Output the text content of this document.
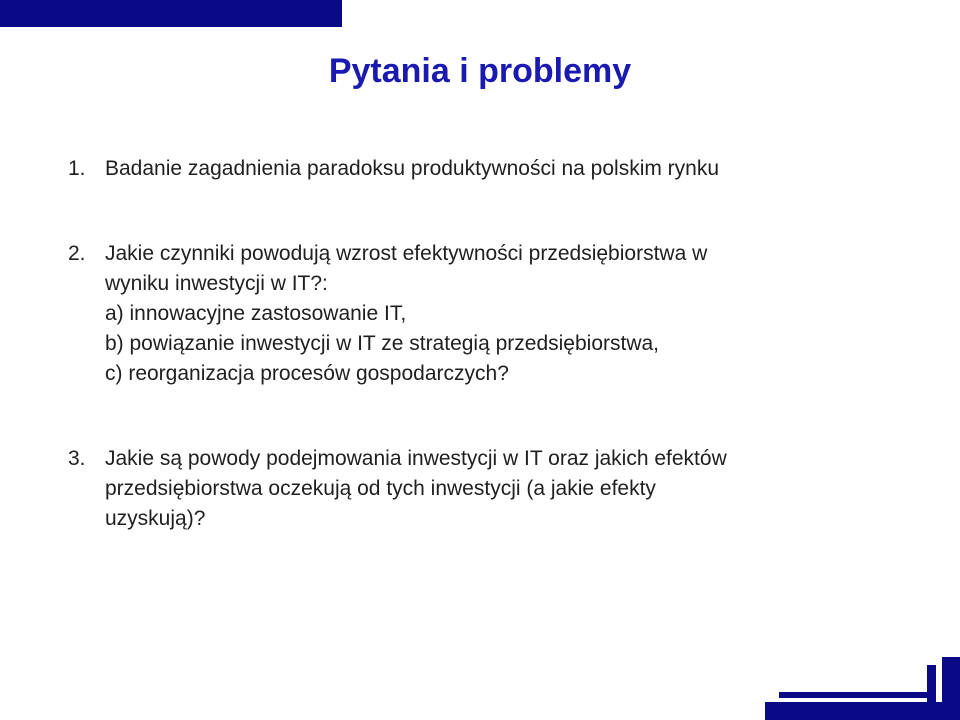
Pytania i problemy
1. Badanie zagadnienia paradoksu produktywności na polskim rynku
2. Jakie czynniki powodują wzrost efektywności przedsiębiorstwa w
wyniku inwestycji w IT?:
a) innowacyjne zastosowanie IT,
b) powiązanie inwestycji w IT ze strategią przedsiębiorstwa,
c) reorganizacja procesów gospodarczych?
3. Jakie są powody podejmowania inwestycji w IT oraz jakich efektów
przedsiębiorstwa oczekują od tych inwestycji (a jakie efekty
uzyskują)?
